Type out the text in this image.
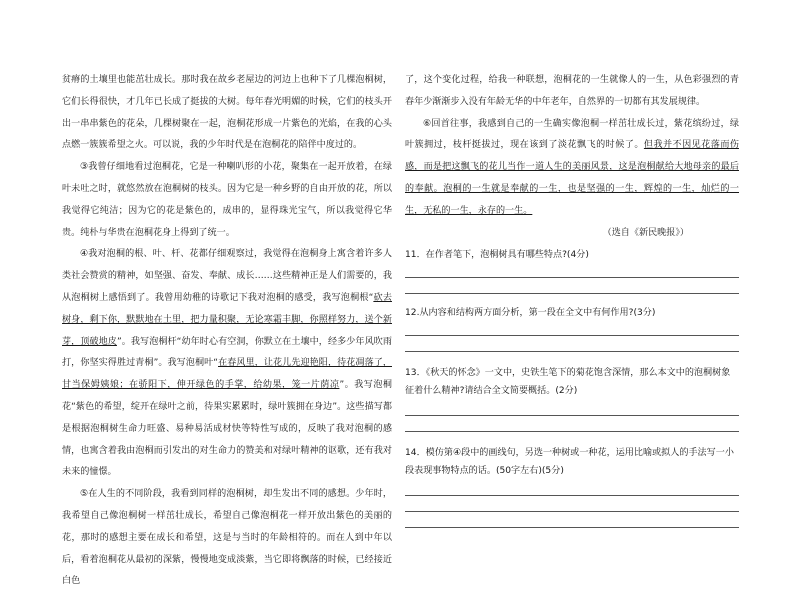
贫瘠的土壤里也能茁壮成长。那时我在故乡老屋边的河边上也种下了几棵泡桐树，它们长得很快，才几年已长成了挺拔的大树。每年春光明媚的时候，它们的枝头开出一串串紫色的花朵，几棵树聚在一起，泡桐花形成一片紫色的光焰，在我的心头点燃一簇簇希望之火。可以说，我的少年时代是在泡桐花的陪伴中度过的。

③我曾仔细地看过泡桐花，它是一种喇叭形的小花，聚集在一起开放着，在绿叶未吐之时，就悠然放在泡桐树的枝头。因为它是一种乡野的自由开放的花，所以我觉得它纯洁；因为它的花是紫色的，成串的，显得珠光宝气，所以我觉得它华贵。纯朴与华贵在泡桐花身上得到了统一。

④我对泡桐的根、叶、杆、花都仔细观察过，我觉得在泡桐身上寓含着许多人类社会赞赏的精神，如坚强、奋发、奉献、成长……这些精神正是人们需要的，我从泡桐树上感悟到了。我曾用幼稚的诗歌记下我对泡桐的感受，我写泡桐根“砍去树身，剩下你，默默地在土里，把力量积聚，无论寒霜丰脚，你照样努力，送个新芽，顶破地皮”。我写泡桐杆“幼年时心有空洞，你默立在土壤中，经多少年风吹雨打，你坚实得胜过青桐”。我写泡桐叶“在春风里，让花儿先迎艳阳，待花凋落了，甘当保姆姨娘；在骄阳下，伸开绿色的手掌，给幼果，笼一片荫凉”。我写泡桐花“紫色的希望，绽开在绿叶之前，待果实累累时，绿叶簇拥在身边”。这些描写都是根据泡桐树生命力旺盛、易种易活成材快等特性写成的，反映了我对泡桐的感情，也寓含着我由泡桐而引发出的对生命力的赞美和对绿叶精神的讴歌，还有我对未来的憧憬。

⑤在人生的不同阶段，我看到同样的泡桐树，却生发出不同的感想。少年时，我希望自己像泡桐树一样茁壮成长，希望自己像泡桐花一样开放出紫色的美丽的花，那时的感想主要在成长和希望，这是与当时的年龄相符的。而在人到中年以后，看着泡桐花从最初的深紫，慢慢地变成淡紫，当它即将飘落的时候，已经接近白色

了，这个变化过程，给我一种联想，泡桐花的一生就像人的一生，从色彩强烈的青春年少渐渐步入没有年龄无华的中年老年，自然界的一切都有其发展规律。

⑥回首往事，我感到自己的一生确实像泡桐一样茁壮成长过，紫花缤纷过，绿叶簇拥过，枝杆挺拔过，现在该到了淡花飘飞的时候了。但我并不因见花落而伤感，而是把这飘飞的花儿当作一道人生的美丽风景，这是泡桐献给大地母亲的最后的奉献。泡桐的一生就是奉献的一生，也是坚强的一生，辉煌的一生，灿烂的一生，无私的一生，永存的一生。

（选自《新民晚报》）

11．在作者笔下，泡桐树具有哪些特点?(4分)

12.从内容和结构两方面分析，第一段在全文中有何作用?(3分)

13．《秋天的怀念》一文中，史铁生笔下的菊花饱含深情，那么本文中的泡桐树象征着什么精神?请结合全文简要概括。(2分)

14．模仿第④段中的画线句，另选一种树或一种花，运用比喻或拟人的手法写一小段表现事物特点的话。(50字左右)(5分)
